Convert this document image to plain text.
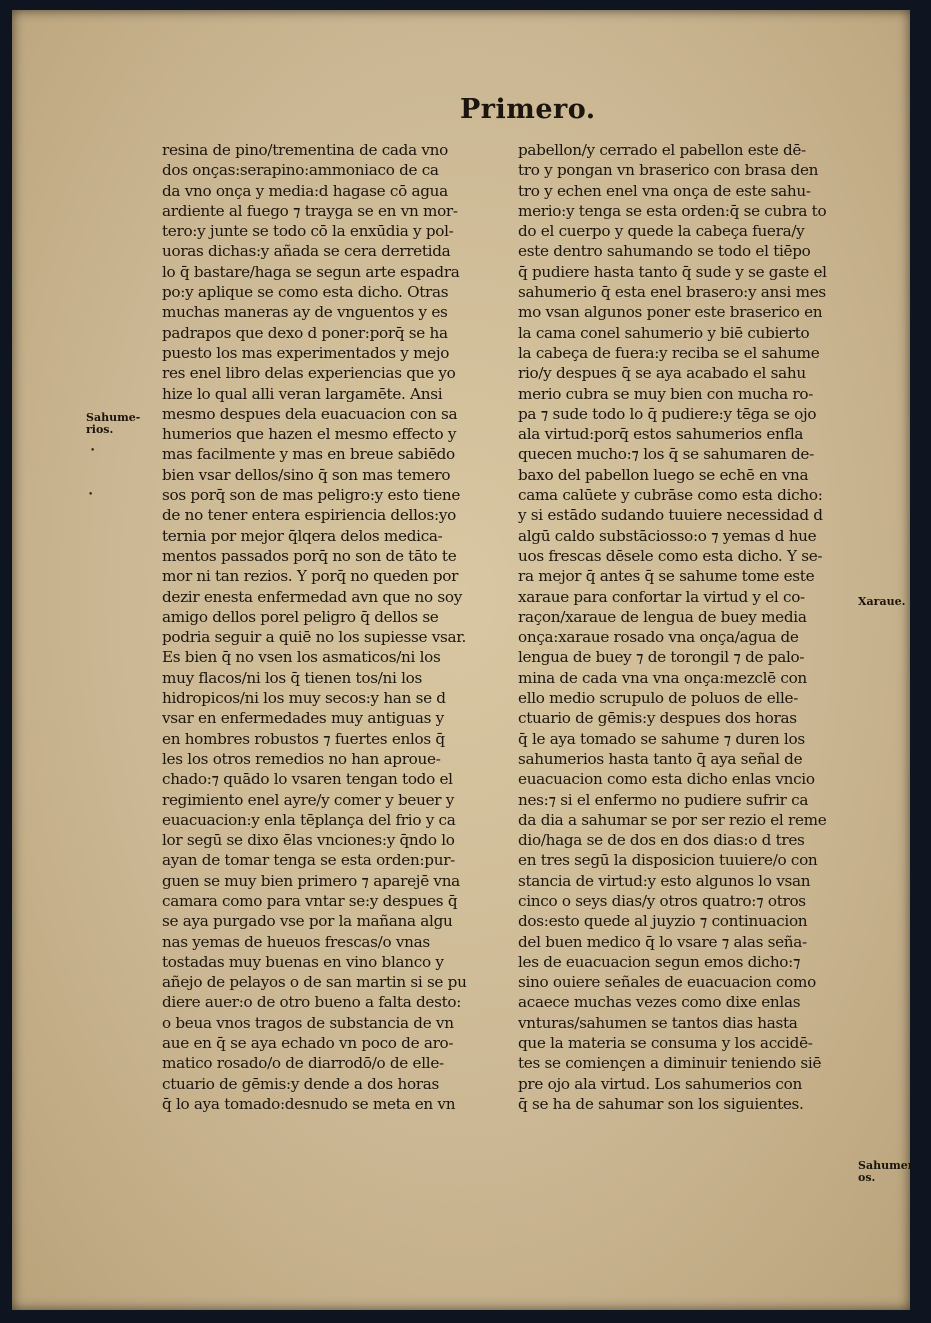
Primero.
resina de pino/trementina de cada vno
dos onças:serapino:ammoniaco de ca
da vno onça y media:d hagase cō agua
ardiente al fuego ⁊ trayga se en vn mor-
tero:y junte se todo cō la enxūdia y pol-
uoras dichas:y añada se cera derretida
lo q̄ bastare/haga se segun arte espadra
po:y aplique se como esta dicho. Otras
muchas maneras ay de vnguentos y es
padrapos que dexo d poner:porq̄ se ha
puesto los mas experimentados y mejo
res enel libro delas experiencias que yo
hize lo qual alli veran largamēte. Ansi
mesmo despues dela euacuacion con sa
humerios que hazen el mesmo effecto y
mas facilmente y mas en breue sabiēdo
bien vsar dellos/sino q̄ son mas temero
sos porq̄ son de mas peligro:y esto tiene
de no tener entera espiriencia dellos:yo
ternia por mejor q̄lqera delos medica-
mentos passados porq̄ no son de tāto te
mor ni tan rezios. Y porq̄ no queden por
dezir enesta enfermedad avn que no soy
amigo dellos porel peligro q̄ dellos se
podria seguir a quiē no los supiesse vsar.
Es bien q̄ no vsen los asmaticos/ni los
muy flacos/ni los q̄ tienen tos/ni los
hidropicos/ni los muy secos:y han se d
vsar en enfermedades muy antiguas y
en hombres robustos ⁊ fuertes enlos q̄
les los otros remedios no han aproue-
chado:⁊ quādo lo vsaren tengan todo el
regimiento enel ayre/y comer y beuer y
euacuacion:y enla tēplança del frio y ca
lor segū se dixo ēlas vnciones:y q̄ndo lo
ayan de tomar tenga se esta orden:pur-
guen se muy bien primero ⁊ aparejē vna
camara como para vntar se:y despues q̄
se aya purgado vse por la mañana algu
nas yemas de hueuos frescas/o vnas
tostadas muy buenas en vino blanco y
añejo de pelayos o de san martin si se pu
diere auer:o de otro bueno a falta desto:
o beua vnos tragos de substancia de vn
aue en q̄ se aya echado vn poco de aro-
matico rosado/o de diarrodō/o de elle-
ctuario de gēmis:y dende a dos horas
q̄ lo aya tomado:desnudo se meta en vn
pabellon/y cerrado el pabellon este dē-
tro y pongan vn braserico con brasa den
tro y echen enel vna onça de este sahu-
merio:y tenga se esta orden:q̄ se cubra to
do el cuerpo y quede la cabeça fuera/y
este dentro sahumando se todo el tiēpo
q̄ pudiere hasta tanto q̄ sude y se gaste el
sahumerio q̄ esta enel brasero:y ansi mes
mo vsan algunos poner este braserico en
la cama conel sahumerio y biē cubierto
la cabeça de fuera:y reciba se el sahume
rio/y despues q̄ se aya acabado el sahu
merio cubra se muy bien con mucha ro-
pa ⁊ sude todo lo q̄ pudiere:y tēga se ojo
ala virtud:porq̄ estos sahumerios enfla
quecen mucho:⁊ los q̄ se sahumaren de-
baxo del pabellon luego se echē en vna
cama calūete y cubrāse como esta dicho:
y si estādo sudando tuuiere necessidad d
algū caldo substāciosso:o ⁊ yemas d hue
uos frescas dēsele como esta dicho. Y se-
ra mejor q̄ antes q̄ se sahume tome este
xaraue para confortar la virtud y el co-
raçon/xaraue de lengua de buey media
onça:xaraue rosado vna onça/agua de
lengua de buey ⁊ de torongil ⁊ de palo-
mina de cada vna vna onça:mezclē con
ello medio scrupulo de poluos de elle-
ctuario de gēmis:y despues dos horas
q̄ le aya tomado se sahume ⁊ duren los
sahumerios hasta tanto q̄ aya señal de
euacuacion como esta dicho enlas vncio
nes:⁊ si el enfermo no pudiere sufrir ca
da dia a sahumar se por ser rezio el reme
dio/haga se de dos en dos dias:o d tres
en tres segū la disposicion tuuiere/o con
stancia de virtud:y esto algunos lo vsan
cinco o seys dias/y otros quatro:⁊ otros
dos:esto quede al juyzio ⁊ continuacion
del buen medico q̄ lo vsare ⁊ alas seña-
les de euacuacion segun emos dicho:⁊
sino ouiere señales de euacuacion como
acaece muchas vezes como dixe enlas
vnturas/sahumen se tantos dias hasta
que la materia se consuma y los accidē-
tes se comiençen a diminuir teniendo siē
pre ojo ala virtud. Los sahumerios con
q̄ se ha de sahumar son los siguientes.
Sahume-
rios.
•
•
Xaraue.
Sahumeri
os.
